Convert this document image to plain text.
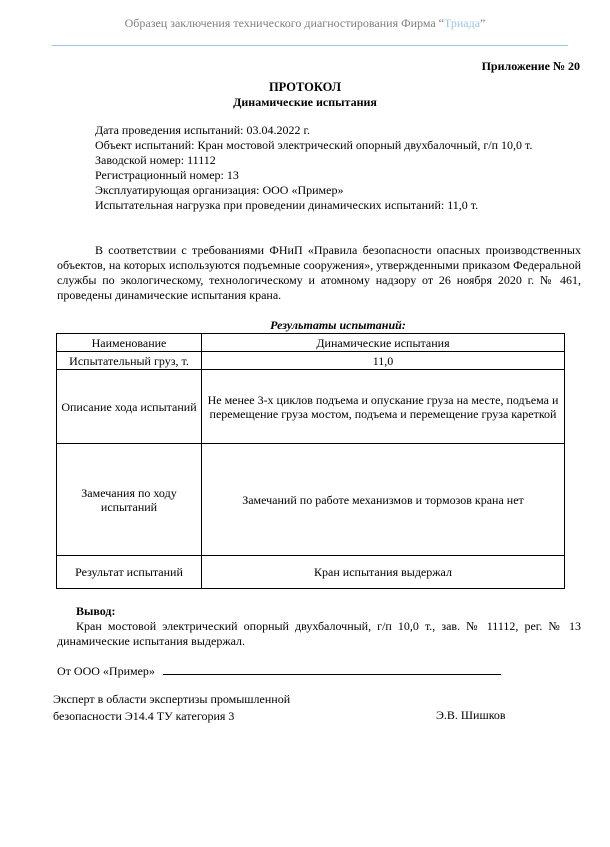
Образец заключения технического диагностирования Фирма “Триада”
Приложение № 20
ПРОТОКОЛ
Динамические испытания
Дата проведения испытаний: 03.04.2022 г.
Объект испытаний: Кран мостовой электрический опорный двухбалочный, г/п 10,0 т.
Заводской номер: 11112
Регистрационный номер: 13
Эксплуатирующая организация: ООО «Пример»
Испытательная нагрузка при проведении динамических испытаний: 11,0 т.
В соответствии с требованиями ФНиП «Правила безопасности опасных производственных объектов, на которых используются подъемные сооружения», утвержденными приказом Федеральной службы по экологическому, технологическому и атомному надзору от 26 ноября 2020 г. № 461, проведены динамические испытания крана.
Результаты испытаний:
Наименование	Динамические испытания
Испытательный груз, т.	11,0
Описание хода испытаний	Не менее 3-х циклов подъема и опускание груза на месте, подъема и перемещение груза мостом, подъема и перемещение груза кареткой
Замечания по ходу испытаний	Замечаний по работе механизмов и тормозов крана нет
Результат испытаний	Кран испытания выдержал
Вывод:
Кран мостовой электрический опорный двухбалочный, г/п 10,0 т., зав. № 11112, рег. № 13 динамические испытания выдержал.
От ООО «Пример»
Эксперт в области экспертизы промышленной
безопасности Э14.4 ТУ категория 3	Э.В. Шишков
